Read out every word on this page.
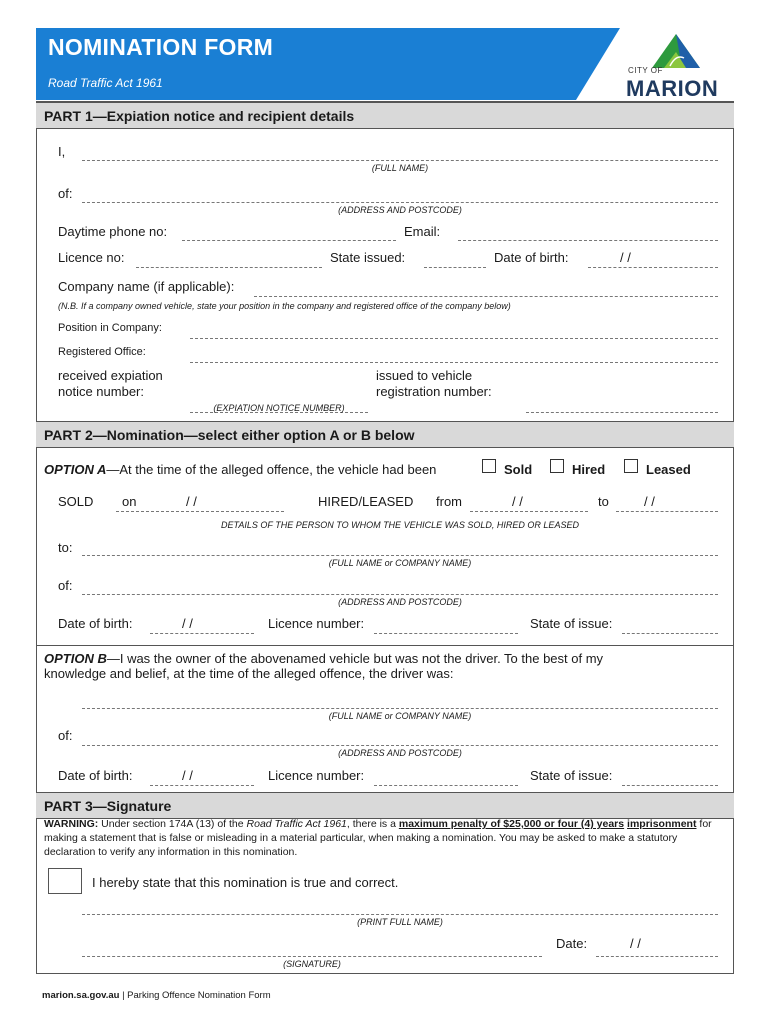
NOMINATION FORM
Road Traffic Act 1961
CITY OF
MARION
PART 1—Expiation notice and recipient details
I,
(FULL NAME)
of:
(ADDRESS AND POSTCODE)
Daytime phone no:	Email:
Licence no:	State issued:	Date of birth:	/ /
Company name (if applicable):
(N.B. If a company owned vehicle, state your position in the company and registered office of the company below)
Position in Company:
Registered Office:
received expiation
notice number:
(EXPIATION NOTICE NUMBER)
issued to vehicle
registration number:
PART 2—Nomination—select either option A or B below
OPTION A—At the time of the alleged offence, the vehicle had been	Sold	Hired	Leased
SOLD on	/ /	HIRED/LEASED from	/ /	to	/ /
DETAILS OF THE PERSON TO WHOM THE VEHICLE WAS SOLD, HIRED OR LEASED
to:
(FULL NAME or COMPANY NAME)
of:
(ADDRESS AND POSTCODE)
Date of birth:	/ /	Licence number:	State of issue:
OPTION B—I was the owner of the abovenamed vehicle but was not the driver. To the best of my
knowledge and belief, at the time of the alleged offence, the driver was:
(FULL NAME or COMPANY NAME)
of:
(ADDRESS AND POSTCODE)
Date of birth:	/ /	Licence number:	State of issue:
PART 3—Signature
WARNING: Under section 174A (13) of the Road Traffic Act 1961, there is a maximum penalty of $25,000 or four (4) years imprisonment for making a statement that is false or misleading in a material particular, when making a nomination. You may be asked to make a statutory declaration to verify any information in this nomination.
I hereby state that this nomination is true and correct.
(PRINT FULL NAME)
Date:	/ /
(SIGNATURE)
marion.sa.gov.au | Parking Offence Nomination Form
